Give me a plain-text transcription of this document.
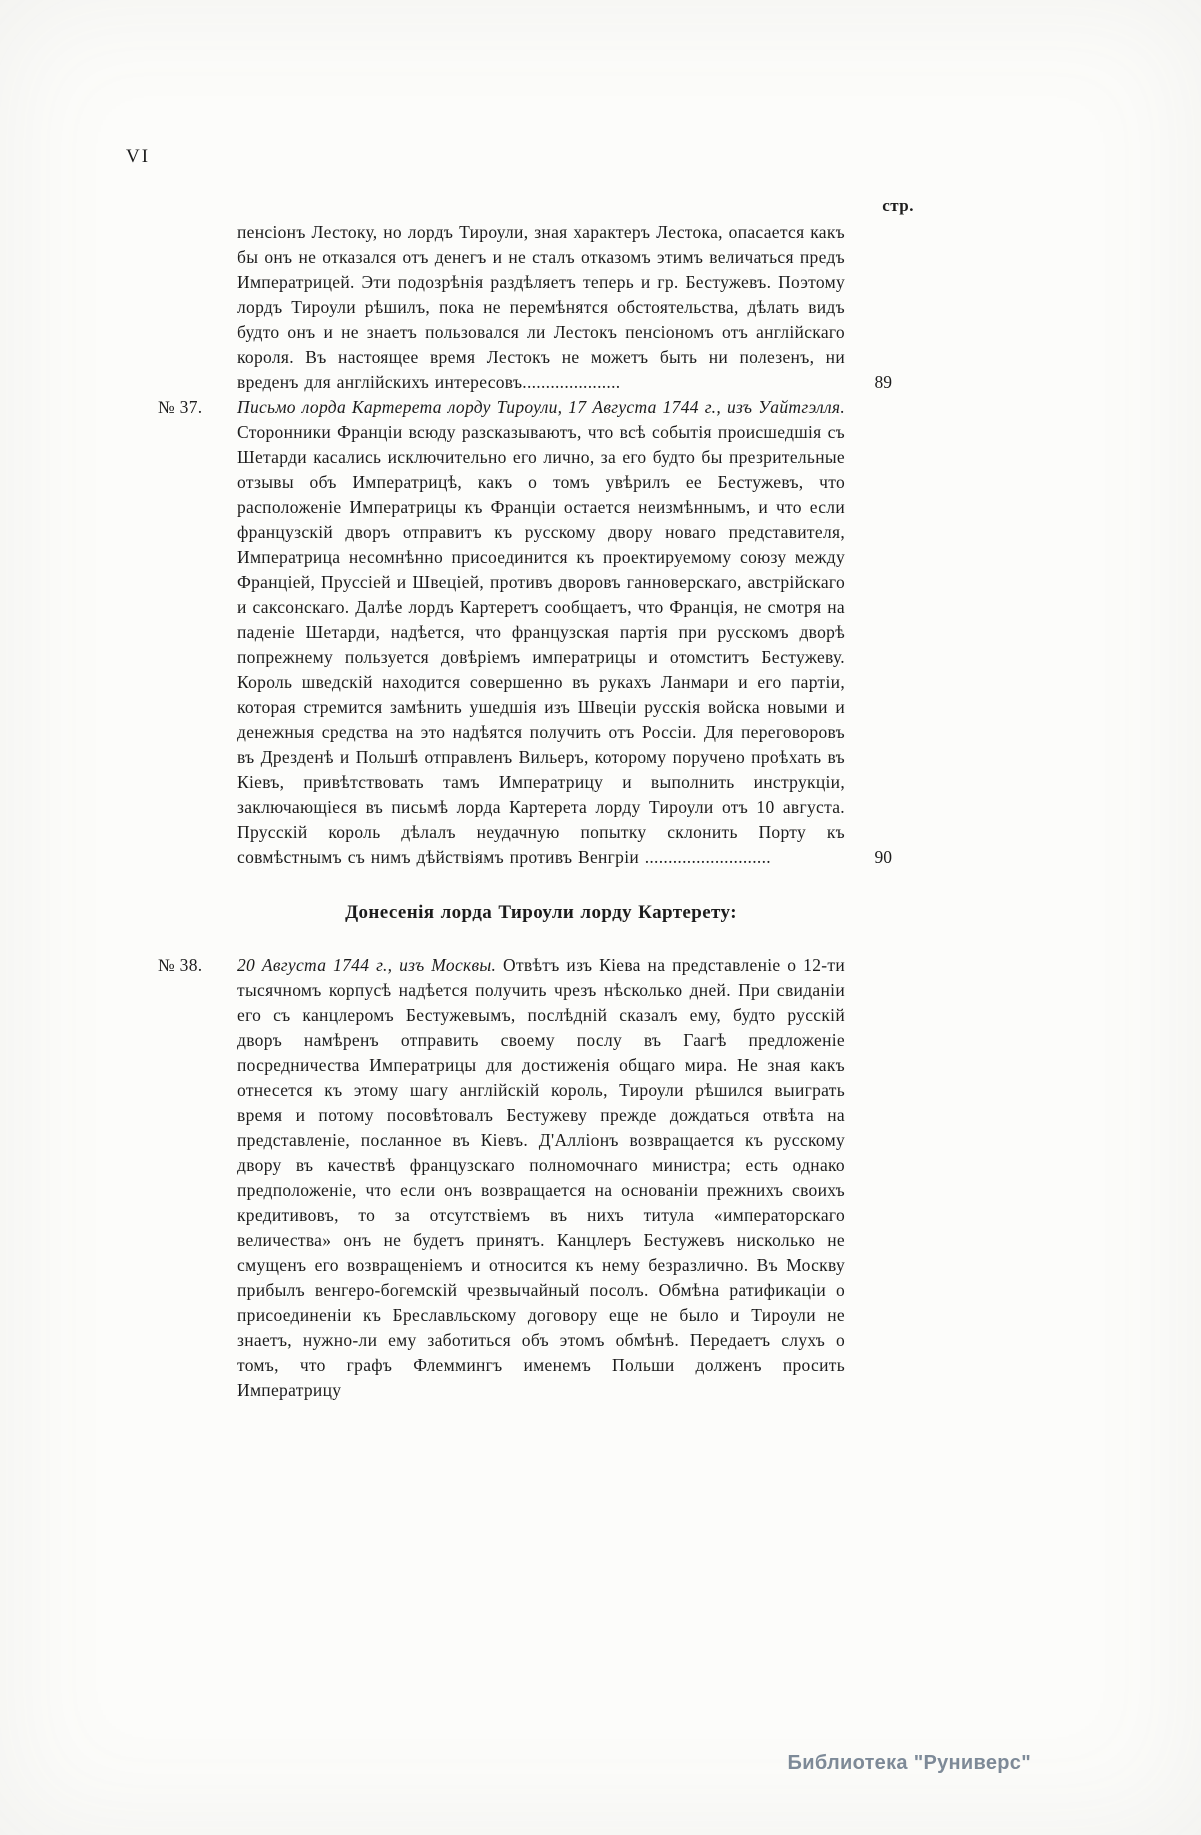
VI
стр.
пенсіонъ Лестоку, но лордъ Тироули, зная характеръ Лестока, опасается какъ бы онъ не отказался отъ денегъ и не сталъ отказомъ этимъ величаться предъ Императрицей. Эти подозрѣнія раздѣляетъ теперь и гр. Бестужевъ. Поэтому лордъ Тироули рѣшилъ, пока не перемѣнятся обстоятельства, дѣлать видъ будто онъ и не знаетъ пользовался ли Лестокъ пенсіономъ отъ англійскаго короля. Въ настоящее время Лестокъ не можетъ быть ни полезенъ, ни вреденъ для англійскихъ интересовъ.....................	89
№ 37.	Письмо лорда Картерета лорду Тироули, 17 Августа 1744 г., изъ Уайтгэлля. Сторонники Франціи всюду разсказываютъ, что всѣ событія происшедшія съ Шетарди касались исключительно его лично, за его будто бы презрительные отзывы объ Императрицѣ, какъ о томъ увѣрилъ ее Бестужевъ, что расположеніе Императрицы къ Франціи остается неизмѣннымъ, и что если французскій дворъ отправитъ къ русскому двору новаго представителя, Императрица несомнѣнно присоединится къ проектируемому союзу между Франціей, Пруссіей и Швеціей, противъ дворовъ ганноверскаго, австрійскаго и саксонскаго. Далѣе лордъ Картеретъ сообщаетъ, что Франція, не смотря на паденіе Шетарди, надѣется, что французская партія при русскомъ дворѣ попрежнему пользуется довѣріемъ императрицы и отомститъ Бестужеву. Король шведскій находится совершенно въ рукахъ Ланмари и его партіи, которая стремится замѣнить ушедшія изъ Швеціи русскія войска новыми и денежныя средства на это надѣятся получить отъ Россіи. Для переговоровъ въ Дрезденѣ и Польшѣ отправленъ Вильеръ, которому поручено проѣхать въ Кіевъ, привѣтствовать тамъ Императрицу и выполнить инструкціи, заключающіеся въ письмѣ лорда Картерета лорду Тироули отъ 10 августа. Прусскій король дѣлалъ неудачную попытку склонить Порту къ совмѣстнымъ съ нимъ дѣйствіямъ противъ Венгріи ...........................	90
Донесенія лорда Тироули лорду Картерету:
№ 38.	20 Августа 1744 г., изъ Москвы. Отвѣтъ изъ Кіева на представленіе о 12-ти тысячномъ корпусѣ надѣется получить чрезъ нѣсколько дней. При свиданіи его съ канцлеромъ Бестужевымъ, послѣдній сказалъ ему, будто русскій дворъ намѣренъ отправить своему послу въ Гаагѣ предложеніе посредничества Императрицы для достиженія общаго мира. Не зная какъ отнесется къ этому шагу англійскій король, Тироули рѣшился выиграть время и потому посовѣтовалъ Бестужеву прежде дождаться отвѣта на представленіе, посланное въ Кіевъ. Д'Алліонъ возвращается къ русскому двору въ качествѣ французскаго полномочнаго министра; есть однако предположеніе, что если онъ возвращается на основаніи прежнихъ своихъ кредитивовъ, то за отсутствіемъ въ нихъ титула «императорскаго величества» онъ не будетъ принятъ. Канцлеръ Бестужевъ нисколько не смущенъ его возвращеніемъ и относится къ нему безразлично. Въ Москву прибылъ венгеро-богемскій чрезвычайный посолъ. Обмѣна ратификаціи о присоединеніи къ Бреславльскому договору еще не было и Тироули не знаетъ, нужно-ли ему заботиться объ этомъ обмѣнѣ. Передаетъ слухъ о томъ, что графъ Флеммингъ именемъ Польши долженъ просить Императрицу
Библиотека "Руниверс"
